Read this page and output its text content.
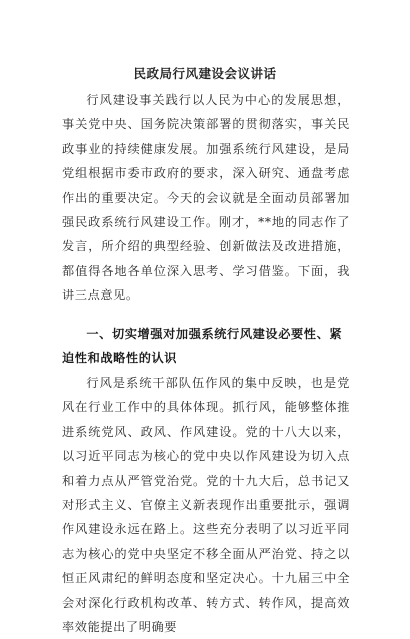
民政局行风建设会议讲话

行风建设事关践行以人民为中心的发展思想，事关党中央、国务院决策部署的贯彻落实，事关民政事业的持续健康发展。加强系统行风建设，是局党组根据市委市政府的要求，深入研究、通盘考虑作出的重要决定。今天的会议就是全面动员部署加强民政系统行风建设工作。刚才，**地的同志作了发言，所介绍的典型经验、创新做法及改进措施，都值得各地各单位深入思考、学习借鉴。下面，我讲三点意见。

一、切实增强对加强系统行风建设必要性、紧迫性和战略性的认识

行风是系统干部队伍作风的集中反映，也是党风在行业工作中的具体体现。抓行风，能够整体推进系统党风、政风、作风建设。党的十八大以来，以习近平同志为核心的党中央以作风建设为切入点和着力点从严管党治党。党的十九大后，总书记又对形式主义、官僚主义新表现作出重要批示，强调作风建设永远在路上。这些充分表明了以习近平同志为核心的党中央坚定不移全面从严治党、持之以恒正风肃纪的鲜明态度和坚定决心。十九届三中全会对深化行政机构改革、转方式、转作风，提高效率效能提出了明确要
